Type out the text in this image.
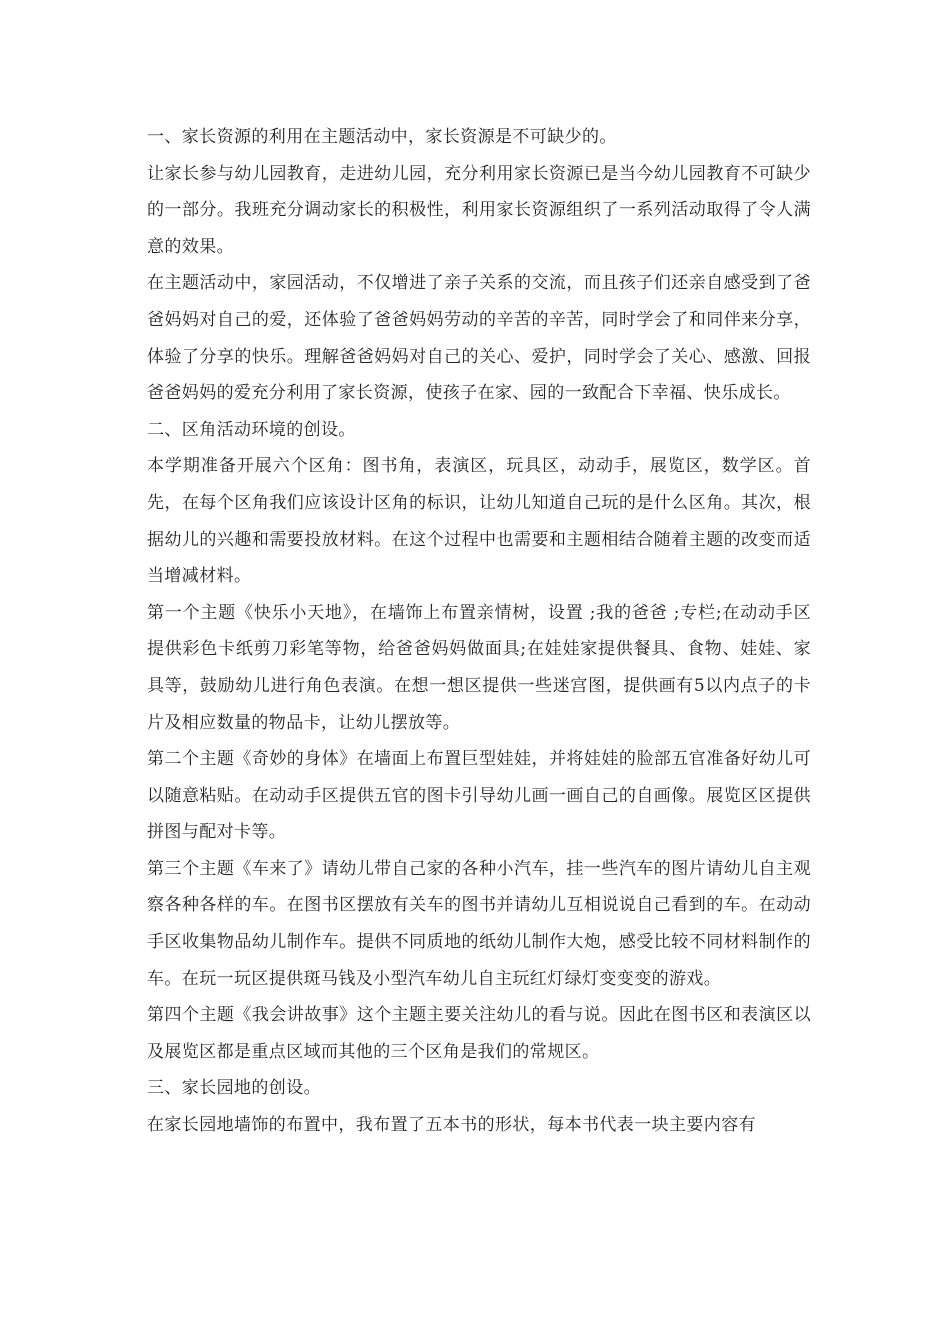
一、家长资源的利用在主题活动中，家长资源是不可缺少的。

让家长参与幼儿园教育，走进幼儿园，充分利用家长资源已是当今幼儿园教育不可缺少的一部分。我班充分调动家长的积极性，利用家长资源组织了一系列活动取得了令人满意的效果。

在主题活动中，家园活动，不仅增进了亲子关系的交流，而且孩子们还亲自感受到了爸爸妈妈对自己的爱，还体验了爸爸妈妈劳动的辛苦的辛苦，同时学会了和同伴来分享，体验了分享的快乐。理解爸爸妈妈对自己的关心、爱护，同时学会了关心、感激、回报爸爸妈妈的爱充分利用了家长资源，使孩子在家、园的一致配合下幸福、快乐成长。

二、区角活动环境的创设。

本学期准备开展六个区角：图书角，表演区，玩具区，动动手，展览区，数学区。首先，在每个区角我们应该设计区角的标识，让幼儿知道自己玩的是什么区角。其次，根据幼儿的兴趣和需要投放材料。在这个过程中也需要和主题相结合随着主题的改变而适当增减材料。

第一个主题《快乐小天地》，在墙饰上布置亲情树，设置 ;我的爸爸 ;专栏;在动动手区提供彩色卡纸剪刀彩笔等物，给爸爸妈妈做面具;在娃娃家提供餐具、食物、娃娃、家具等，鼓励幼儿进行角色表演。在想一想区提供一些迷宫图，提供画有5以内点子的卡片及相应数量的物品卡，让幼儿摆放等。

第二个主题《奇妙的身体》在墙面上布置巨型娃娃，并将娃娃的脸部五官准备好幼儿可以随意粘贴。在动动手区提供五官的图卡引导幼儿画一画自己的自画像。展览区区提供拼图与配对卡等。

第三个主题《车来了》请幼儿带自己家的各种小汽车，挂一些汽车的图片请幼儿自主观察各种各样的车。在图书区摆放有关车的图书并请幼儿互相说说自己看到的车。在动动手区收集物品幼儿制作车。提供不同质地的纸幼儿制作大炮，感受比较不同材料制作的车。在玩一玩区提供斑马钱及小型汽车幼儿自主玩红灯绿灯变变变的游戏。

第四个主题《我会讲故事》这个主题主要关注幼儿的看与说。因此在图书区和表演区以及展览区都是重点区域而其他的三个区角是我们的常规区。

三、家长园地的创设。

在家长园地墙饰的布置中，我布置了五本书的形状，每本书代表一块主要内容有
